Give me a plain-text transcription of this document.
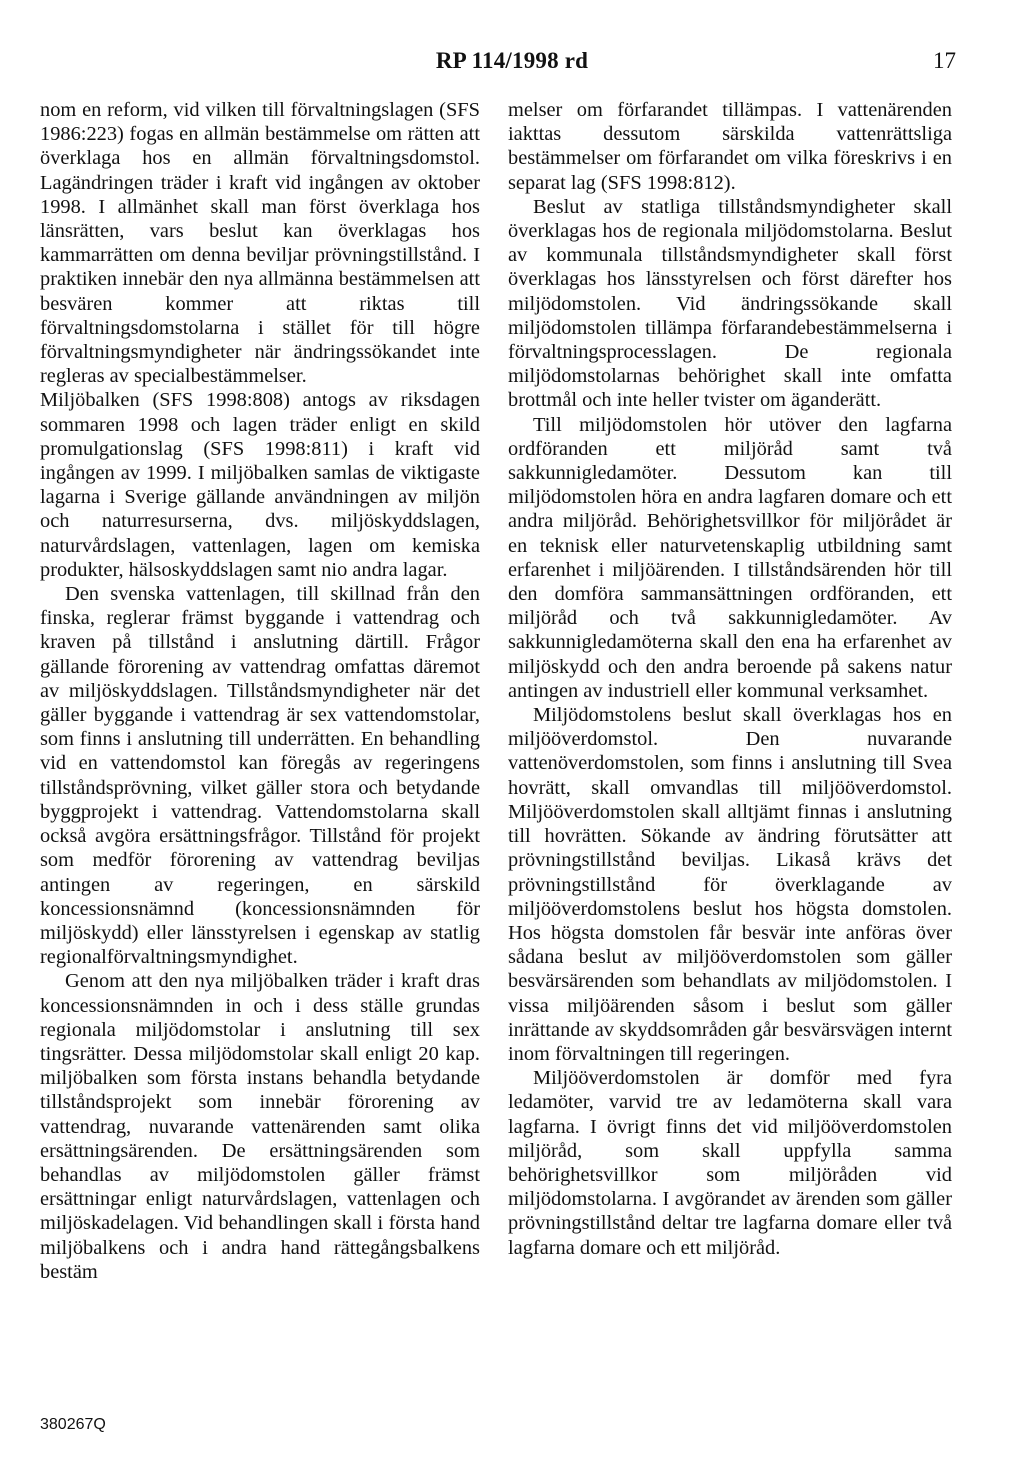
RP 114/1998 rd	17

nom en reform, vid vilken till förvaltningslagen (SFS 1986:223) fogas en allmän bestämmelse om rätten att överklaga hos en allmän förvaltningsdomstol. Lagändringen träder i kraft vid ingången av oktober 1998. I allmänhet skall man först överklaga hos länsrätten, vars beslut kan överklagas hos kammarrätten om denna beviljar prövningstillstånd. I praktiken innebär den nya allmänna bestämmelsen att besvären kommer att riktas till förvaltningsdomstolarna i stället för till högre förvaltningsmyndigheter när ändringssökandet inte regleras av specialbestämmelser.

Miljöbalken (SFS 1998:808) antogs av riksdagen sommaren 1998 och lagen träder enligt en skild promulgationslag (SFS 1998:811) i kraft vid ingången av 1999. I miljöbalken samlas de viktigaste lagarna i Sverige gällande användningen av miljön och naturresurserna, dvs. miljöskyddslagen, naturvårdslagen, vattenlagen, lagen om kemiska produkter, hälsoskyddslagen samt nio andra lagar.

Den svenska vattenlagen, till skillnad från den finska, reglerar främst byggande i vattendrag och kraven på tillstånd i anslutning därtill. Frågor gällande förorening av vattendrag omfattas däremot av miljöskyddslagen. Tillståndsmyndigheter när det gäller byggande i vattendrag är sex vattendomstolar, som finns i anslutning till underrätten. En behandling vid en vattendomstol kan föregås av regeringens tillståndsprövning, vilket gäller stora och betydande byggprojekt i vattendrag. Vattendomstolarna skall också avgöra ersättningsfrågor. Tillstånd för projekt som medför förorening av vattendrag beviljas antingen av regeringen, en särskild koncessionsnämnd (koncessionsnämnden för miljöskydd) eller länsstyrelsen i egenskap av statlig regionalförvaltningsmyndighet.

Genom att den nya miljöbalken träder i kraft dras koncessionsnämnden in och i dess ställe grundas regionala miljödomstolar i anslutning till sex tingsrätter. Dessa miljödomstolar skall enligt 20 kap. miljöbalken som första instans behandla betydande tillståndsprojekt som innebär förorening av vattendrag, nuvarande vattenärenden samt olika ersättningsärenden. De ersättningsärenden som behandlas av miljödomstolen gäller främst ersättningar enligt naturvårdslagen, vattenlagen och miljöskadelagen. Vid behandlingen skall i första hand miljöbalkens och i andra hand rättegångsbalkens bestäm

melser om förfarandet tillämpas. I vattenärenden iakttas dessutom särskilda vattenrättsliga bestämmelser om förfarandet om vilka föreskrivs i en separat lag (SFS 1998:812).

Beslut av statliga tillståndsmyndigheter skall överklagas hos de regionala miljödomstolarna. Beslut av kommunala tillståndsmyndigheter skall först överklagas hos länsstyrelsen och först därefter hos miljödomstolen. Vid ändringssökande skall miljödomstolen tillämpa förfarandebestämmelserna i förvaltningsprocesslagen. De regionala miljödomstolarnas behörighet skall inte omfatta brottmål och inte heller tvister om äganderätt.

Till miljödomstolen hör utöver den lagfarna ordföranden ett miljöråd samt två sakkunnigledamöter. Dessutom kan till miljödomstolen höra en andra lagfaren domare och ett andra miljöråd. Behörighetsvillkor för miljörådet är en teknisk eller naturvetenskaplig utbildning samt erfarenhet i miljöärenden. I tillståndsärenden hör till den domföra sammansättningen ordföranden, ett miljöråd och två sakkunnigledamöter. Av sakkunnigledamöterna skall den ena ha erfarenhet av miljöskydd och den andra beroende på sakens natur antingen av industriell eller kommunal verksamhet.

Miljödomstolens beslut skall överklagas hos en miljööverdomstol. Den nuvarande vattenöverdomstolen, som finns i anslutning till Svea hovrätt, skall omvandlas till miljööverdomstol. Miljööverdomstolen skall alltjämt finnas i anslutning till hovrätten. Sökande av ändring förutsätter att prövningstillstånd beviljas. Likaså krävs det prövningstillstånd för överklagande av miljööverdomstolens beslut hos högsta domstolen. Hos högsta domstolen får besvär inte anföras över sådana beslut av miljööverdomstolen som gäller besvärsärenden som behandlats av miljödomstolen. I vissa miljöärenden såsom i beslut som gäller inrättande av skyddsområden går besvärsvägen internt inom förvaltningen till regeringen.

Miljööverdomstolen är domför med fyra ledamöter, varvid tre av ledamöterna skall vara lagfarna. I övrigt finns det vid miljööverdomstolen miljöråd, som skall uppfylla samma behörighetsvillkor som miljöråden vid miljödomstolarna. I avgörandet av ärenden som gäller prövningstillstånd deltar tre lagfarna domare eller två lagfarna domare och ett miljöråd.

380267Q
